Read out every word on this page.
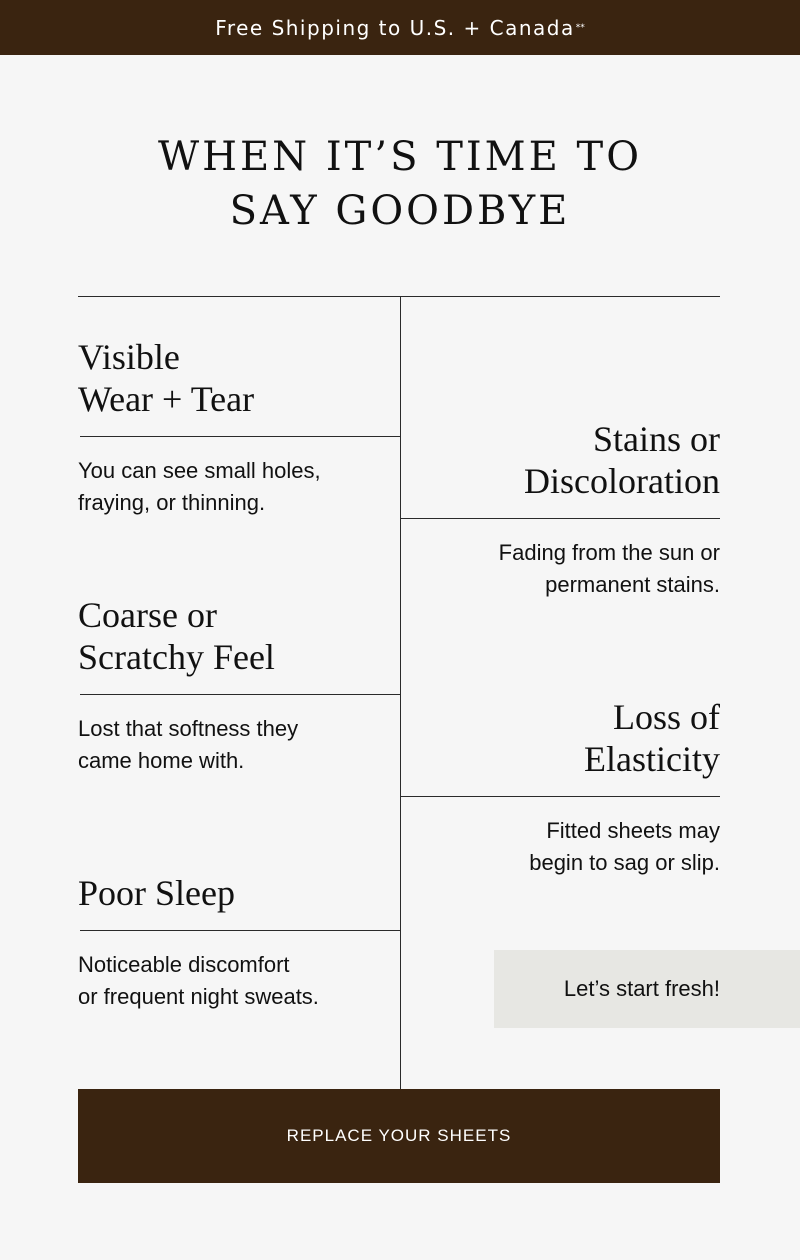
Free Shipping to U.S. + Canada **
WHEN IT’S TIME TO
SAY GOODBYE
Visible
Wear + Tear
You can see small holes,
fraying, or thinning.
Stains or
Discoloration
Fading from the sun or
permanent stains.
Coarse or
Scratchy Feel
Lost that softness they
came home with.
Loss of
Elasticity
Fitted sheets may
begin to sag or slip.
Poor Sleep
Noticeable discomfort
or frequent night sweats.	Let’s start fresh!
REPLACE YOUR SHEETS
